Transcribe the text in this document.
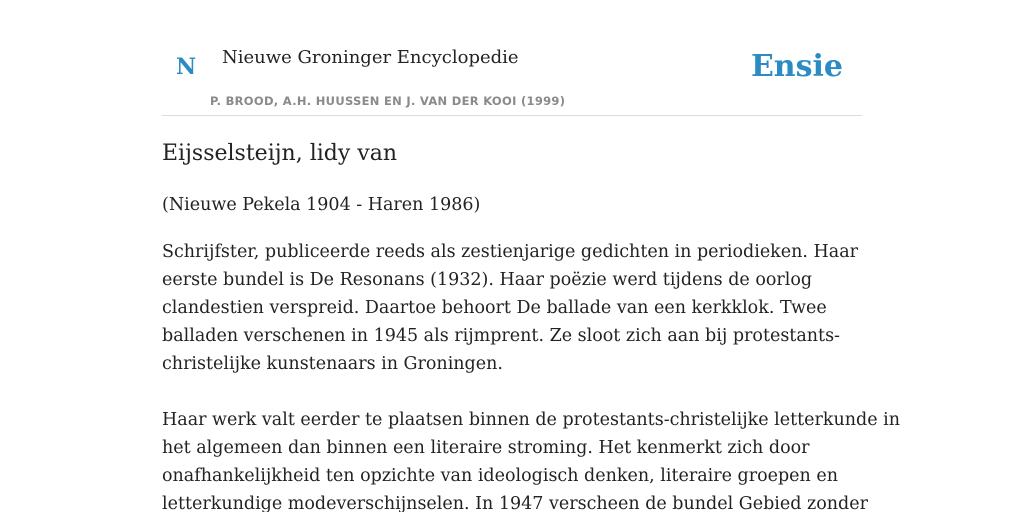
N Nieuwe Groninger Encyclopedie
P. BROOD, A.H. HUUSSEN EN J. VAN DER KOOI (1999)
Ensie
Eijsselsteijn, lidy van

(Nieuwe Pekela 1904 - Haren 1986)

Schrijfster, publiceerde reeds als zestienjarige gedichten in periodieken. Haar

eerste bundel is De Resonans (1932). Haar poëzie werd tijdens de oorlog

clandestien verspreid. Daartoe behoort De ballade van een kerkklok. Twee

balladen verschenen in 1945 als rijmprent. Ze sloot zich aan bij protestants-

christelijke kunstenaars in Groningen.

Haar werk valt eerder te plaatsen binnen de protestants-christelijke letterkunde in

het algemeen dan binnen een literaire stroming. Het kenmerkt zich door

onafhankelijkheid ten opzichte van ideologisch denken, literaire groepen en

letterkundige modeverschijnselen. In 1947 verscheen de bundel Gebied zonder
